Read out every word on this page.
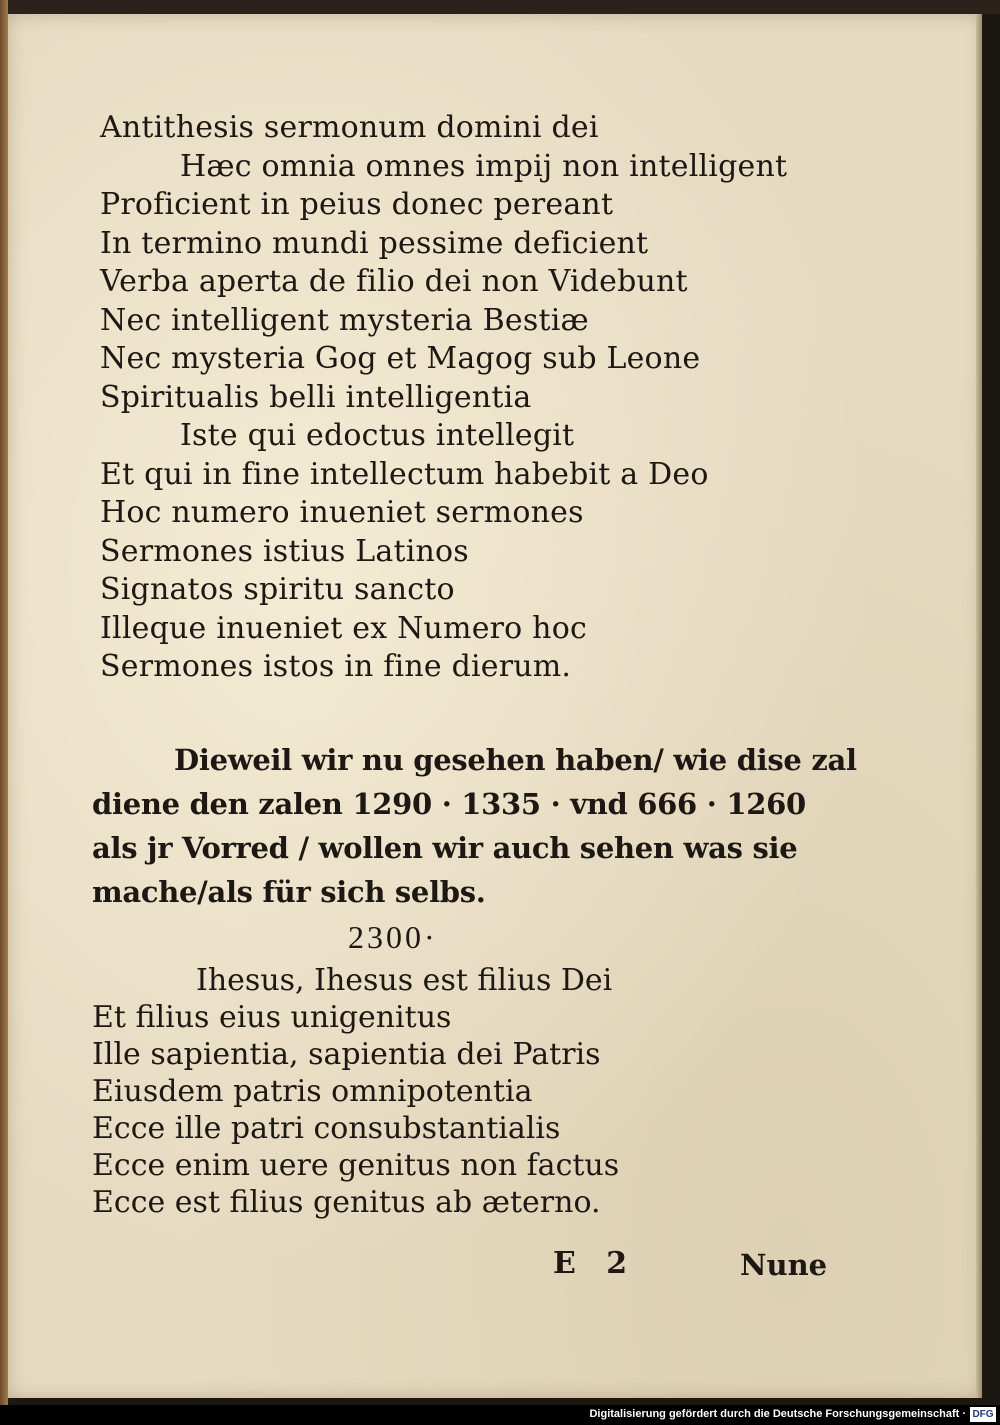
Antithesis sermonum domini dei
Hæc omnia omnes impij non intelligent
Proficient in peius donec pereant
In termino mundi pessime deficient
Verba aperta de filio dei non Videbunt
Nec intelligent mysteria Bestiæ
Nec mysteria Gog et Magog sub Leone
Spiritualis belli intelligentia
Iste qui edoctus intellegit
Et qui in fine intellectum habebit a Deo
Hoc numero inueniet sermones
Sermones istius Latinos
Signatos spiritu sancto
Illeque inueniet ex Numero hoc
Sermones istos in fine dierum.
Dieweil wir nu gesehen haben/ wie dise zal
diene den zalen 1290 · 1335 · vnd 666 · 1260
als jr Vorred / wollen wir auch sehen was sie
mache/als für sich selbs.
2300·
Ihesus, Ihesus est filius Dei
Et filius eius unigenitus
Ille sapientia, sapientia dei Patris
Eiusdem patris omnipotentia
Ecce ille patri consubstantialis
Ecce enim uere genitus non factus
Ecce est filius genitus ab æterno.
E 2	Nune
Digitalisierung gefördert durch die Deutsche Forschungsgemeinschaft · DFG
